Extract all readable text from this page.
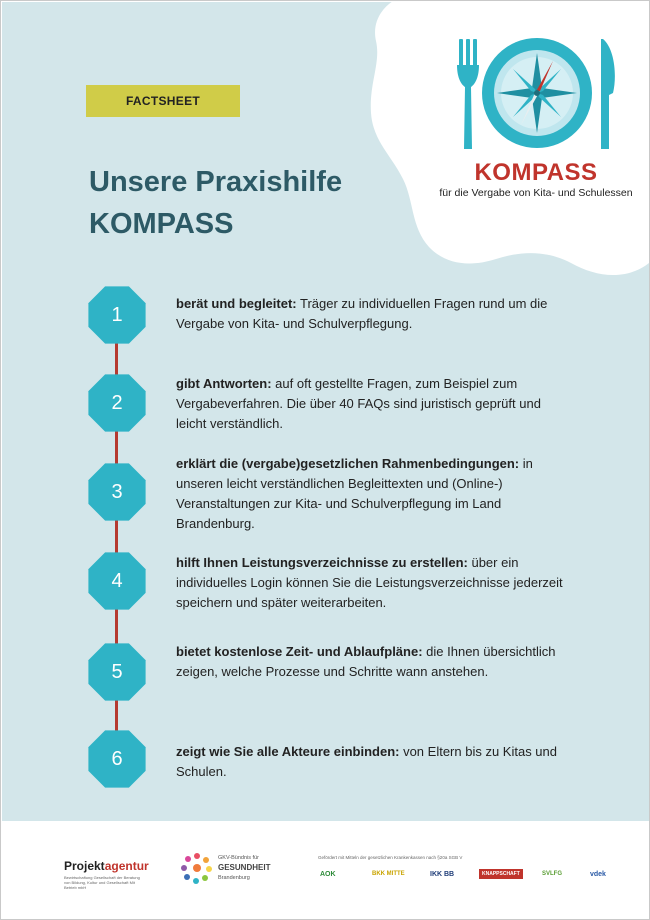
FACTSHEET
Unsere Praxishilfe
KOMPASS
KOMPASS
für die Vergabe von Kita- und Schulessen
1	berät und begleitet: Träger zu individuellen Fragen rund um die Vergabe von Kita- und Schulverpflegung.
2
gibt Antworten: auf oft gestellte Fragen, zum Beispiel zum Vergabeverfahren. Die über 40 FAQs sind juristisch geprüft und leicht verständlich.
3
erklärt die (vergabe)gesetzlichen Rahmenbedingungen: in unseren leicht verständlichen Begleittexten und (Online-) Veranstaltungen zur Kita- und Schulverpflegung im Land Brandenburg.
4
hilft Ihnen Leistungsverzeichnisse zu erstellen: über ein individuelles Login können Sie die Leistungsverzeichnisse jederzeit speichern und später weiterarbeiten.
5
bietet kostenlose Zeit- und Ablaufpläne: die Ihnen übersichtlich zeigen, welche Prozesse und Schritte wann anstehen.
6	zeigt wie Sie alle Akteure einbinden: von Eltern bis zu Kitas und Schulen.
Projektagentur
Bewirtschaftung Gesellschaft der Beratung von Bildung, Kultur und Gesellschaft Mit Betrieb mbH
GKV-Bündnis für
GESUNDHEIT
Brandenburg
Gefördert mit Mitteln der gesetzlichen Krankenkassen nach §20a SGB V
AOK	BKK MITTE	IKK BB	KNAPPSCHAFT	SVLFG	vdek
